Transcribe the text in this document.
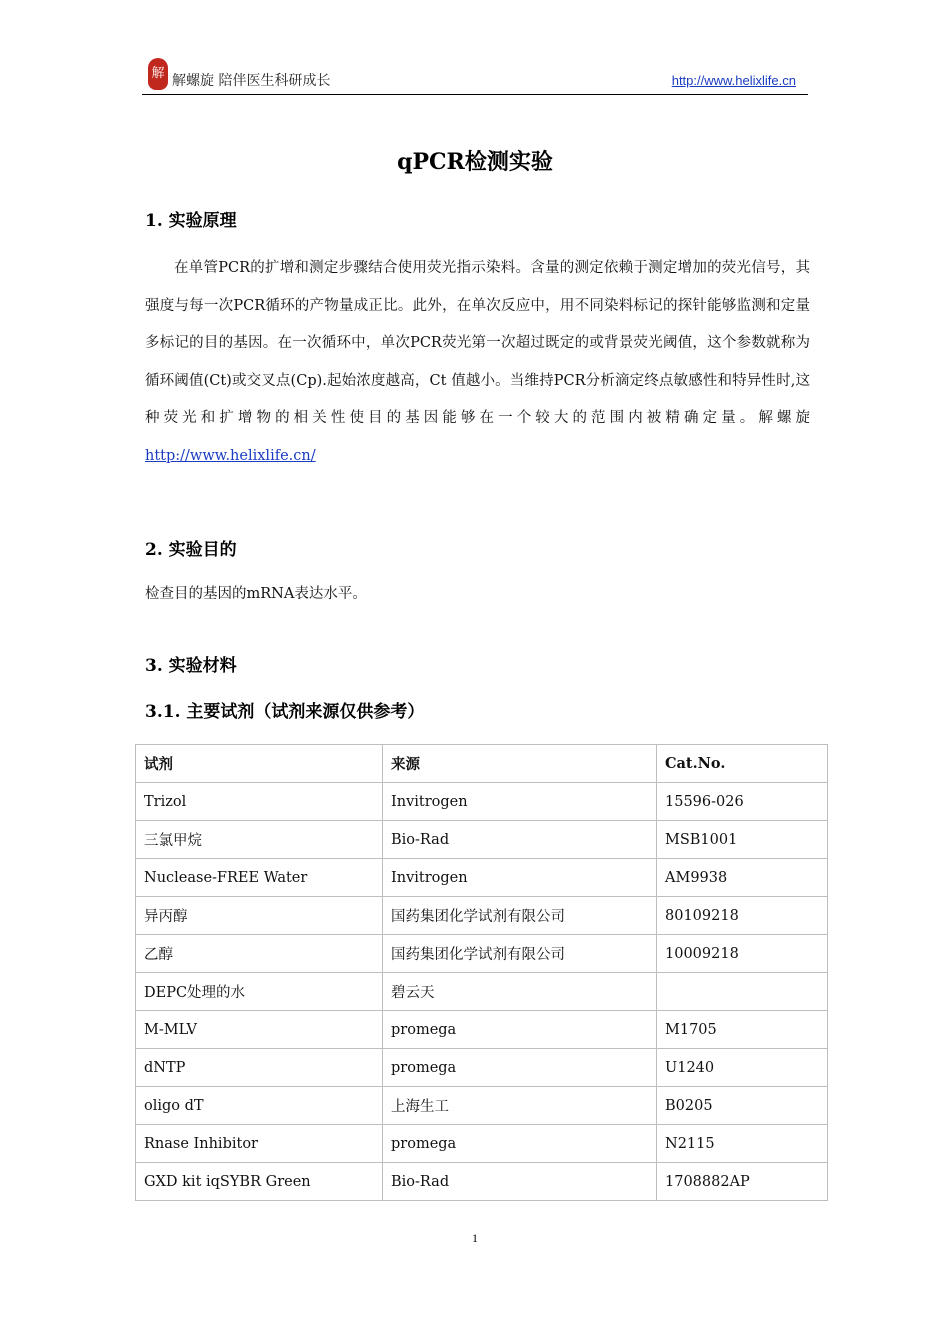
解 解螺旋 陪伴医生科研成长	http://www.helixlife.cn
qPCR检测实验
1. 实验原理
在单管PCR的扩增和测定步骤结合使用荧光指示染料。含量的测定依赖于测定增加的荧光信号，其强度与每一次PCR循环的产物量成正比。此外，在单次反应中，用不同染料标记的探针能够监测和定量多标记的目的基因。在一次循环中，单次PCR荧光第一次超过既定的或背景荧光阈值，这个参数就称为循环阈值(Ct)或交叉点(Cp).起始浓度越高，Ct 值越小。当维持PCR分析滴定终点敏感性和特异性时,这种荧光和扩增物的相关性使目的基因能够在一个较大的范围内被精确定量。解螺旋http://www.helixlife.cn/
2. 实验目的
检查目的基因的mRNA表达水平。
3. 实验材料
3.1. 主要试剂（试剂来源仅供参考）
试剂	来源	Cat.No.
Trizol	Invitrogen	15596-026
三氯甲烷	Bio-Rad	MSB1001
Nuclease-FREE Water	Invitrogen	AM9938
异丙醇	国药集团化学试剂有限公司	80109218
乙醇	国药集团化学试剂有限公司	10009218
DEPC处理的水	碧云天	
M-MLV	promega	M1705
dNTP	promega	U1240
oligo dT	上海生工	B0205
Rnase Inhibitor	promega	N2115
GXD kit iqSYBR Green	Bio-Rad	1708882AP
1
